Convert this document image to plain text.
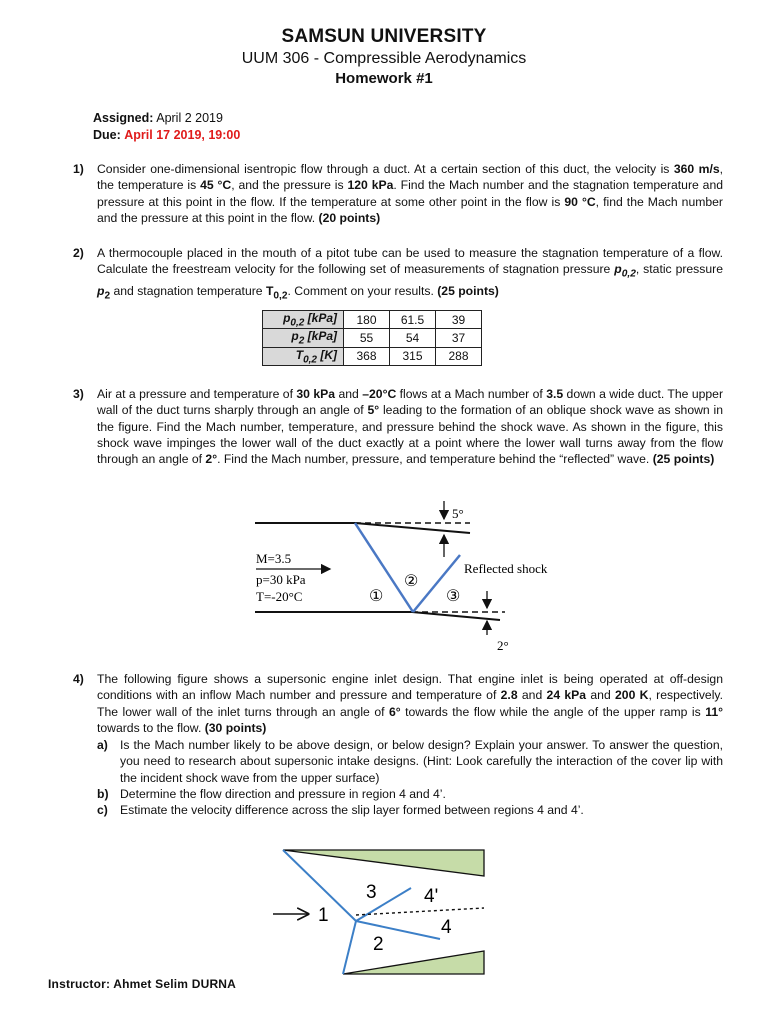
SAMSUN UNIVERSITY
UUM 306 - Compressible Aerodynamics
Homework #1
Assigned: April 2 2019
Due: April 17 2019, 19:00
1) Consider one-dimensional isentropic flow through a duct. At a certain section of this duct, the velocity is 360 m/s, the temperature is 45 °C, and the pressure is 120 kPa. Find the Mach number and the stagnation temperature and pressure at this point in the flow. If the temperature at some other point in the flow is 90 °C, find the Mach number and the pressure at this point in the flow. (20 points)
2) A thermocouple placed in the mouth of a pitot tube can be used to measure the stagnation temperature of a flow. Calculate the freestream velocity for the following set of measurements of stagnation pressure $p_{0,2}$, static pressure $p_2$ and stagnation temperature $T_{0,2}$. Comment on your results. (25 points)
$p_{0,2}$ [kPa]	180	61.5	39
$p_2$ [kPa]	55	54	37
$T_{0,2}$ [K]	368	315	288
3) Air at a pressure and temperature of 30 kPa and –20°C flows at a Mach number of 3.5 down a wide duct. The upper wall of the duct turns sharply through an angle of 5° leading to the formation of an oblique shock wave as shown in the figure. Find the Mach number, temperature, and pressure behind the shock wave. As shown in the figure, this shock wave impinges the lower wall of the duct exactly at a point where the lower wall turns away from the flow through an angle of 2°. Find the Mach number, pressure, and temperature behind the “reflected” wave. (25 points)
5°
2°
M=3.5
p=30 kPa
T=-20°C	①
②
③
Reflected shock
4) The following figure shows a supersonic engine inlet design. That engine inlet is being operated at off-design conditions with an inflow Mach number and pressure and temperature of 2.8 and 24 kPa and 200 K, respectively. The lower wall of the inlet turns through an angle of 6° towards the flow while the angle of the upper ramp is 11° towards to the flow. (30 points)
a) Is the Mach number likely to be above design, or below design? Explain your answer. To answer the question, you need to research about supersonic intake designs. (Hint: Look carefully the interaction of the cover lip with the incident shock wave from the upper surface)
b) Determine the flow direction and pressure in region 4 and 4’.
c) Estimate the velocity difference across the slip layer formed between regions 4 and 4’.
1
2
3 4'
4
Instructor: Ahmet Selim DURNA
